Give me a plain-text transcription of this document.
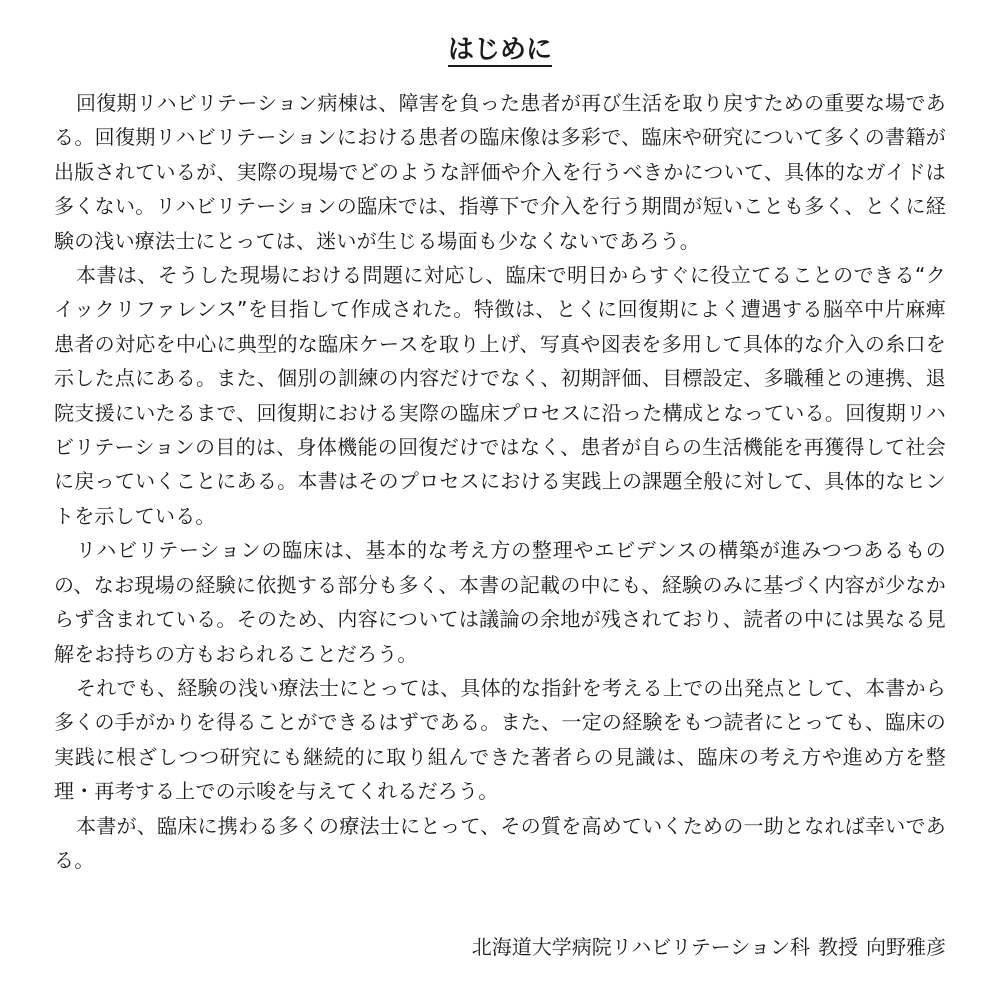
はじめに

回復期リハビリテーション病棟は、障害を負った患者が再び生活を取り戻すための重要な場である。回復期リハビリテーションにおける患者の臨床像は多彩で、臨床や研究について多くの書籍が出版されているが、実際の現場でどのような評価や介入を行うべきかについて、具体的なガイドは多くない。リハビリテーションの臨床では、指導下で介入を行う期間が短いことも多く、とくに経験の浅い療法士にとっては、迷いが生じる場面も少なくないであろう。

本書は、そうした現場における問題に対応し、臨床で明日からすぐに役立てることのできる“クイックリファレンス”を目指して作成された。特徴は、とくに回復期によく遭遇する脳卒中片麻痺患者の対応を中心に典型的な臨床ケースを取り上げ、写真や図表を多用して具体的な介入の糸口を示した点にある。また、個別の訓練の内容だけでなく、初期評価、目標設定、多職種との連携、退院支援にいたるまで、回復期における実際の臨床プロセスに沿った構成となっている。回復期リハビリテーションの目的は、身体機能の回復だけではなく、患者が自らの生活機能を再獲得して社会に戻っていくことにある。本書はそのプロセスにおける実践上の課題全般に対して、具体的なヒントを示している。

リハビリテーションの臨床は、基本的な考え方の整理やエビデンスの構築が進みつつあるものの、なお現場の経験に依拠する部分も多く、本書の記載の中にも、経験のみに基づく内容が少なからず含まれている。そのため、内容については議論の余地が残されており、読者の中には異なる見解をお持ちの方もおられることだろう。

それでも、経験の浅い療法士にとっては、具体的な指針を考える上での出発点として、本書から多くの手がかりを得ることができるはずである。また、一定の経験をもつ読者にとっても、臨床の実践に根ざしつつ研究にも継続的に取り組んできた著者らの見識は、臨床の考え方や進め方を整理・再考する上での示唆を与えてくれるだろう。

本書が、臨床に携わる多くの療法士にとって、その質を高めていくための一助となれば幸いである。

北海道大学病院リハビリテーション科 教授 向野雅彦
